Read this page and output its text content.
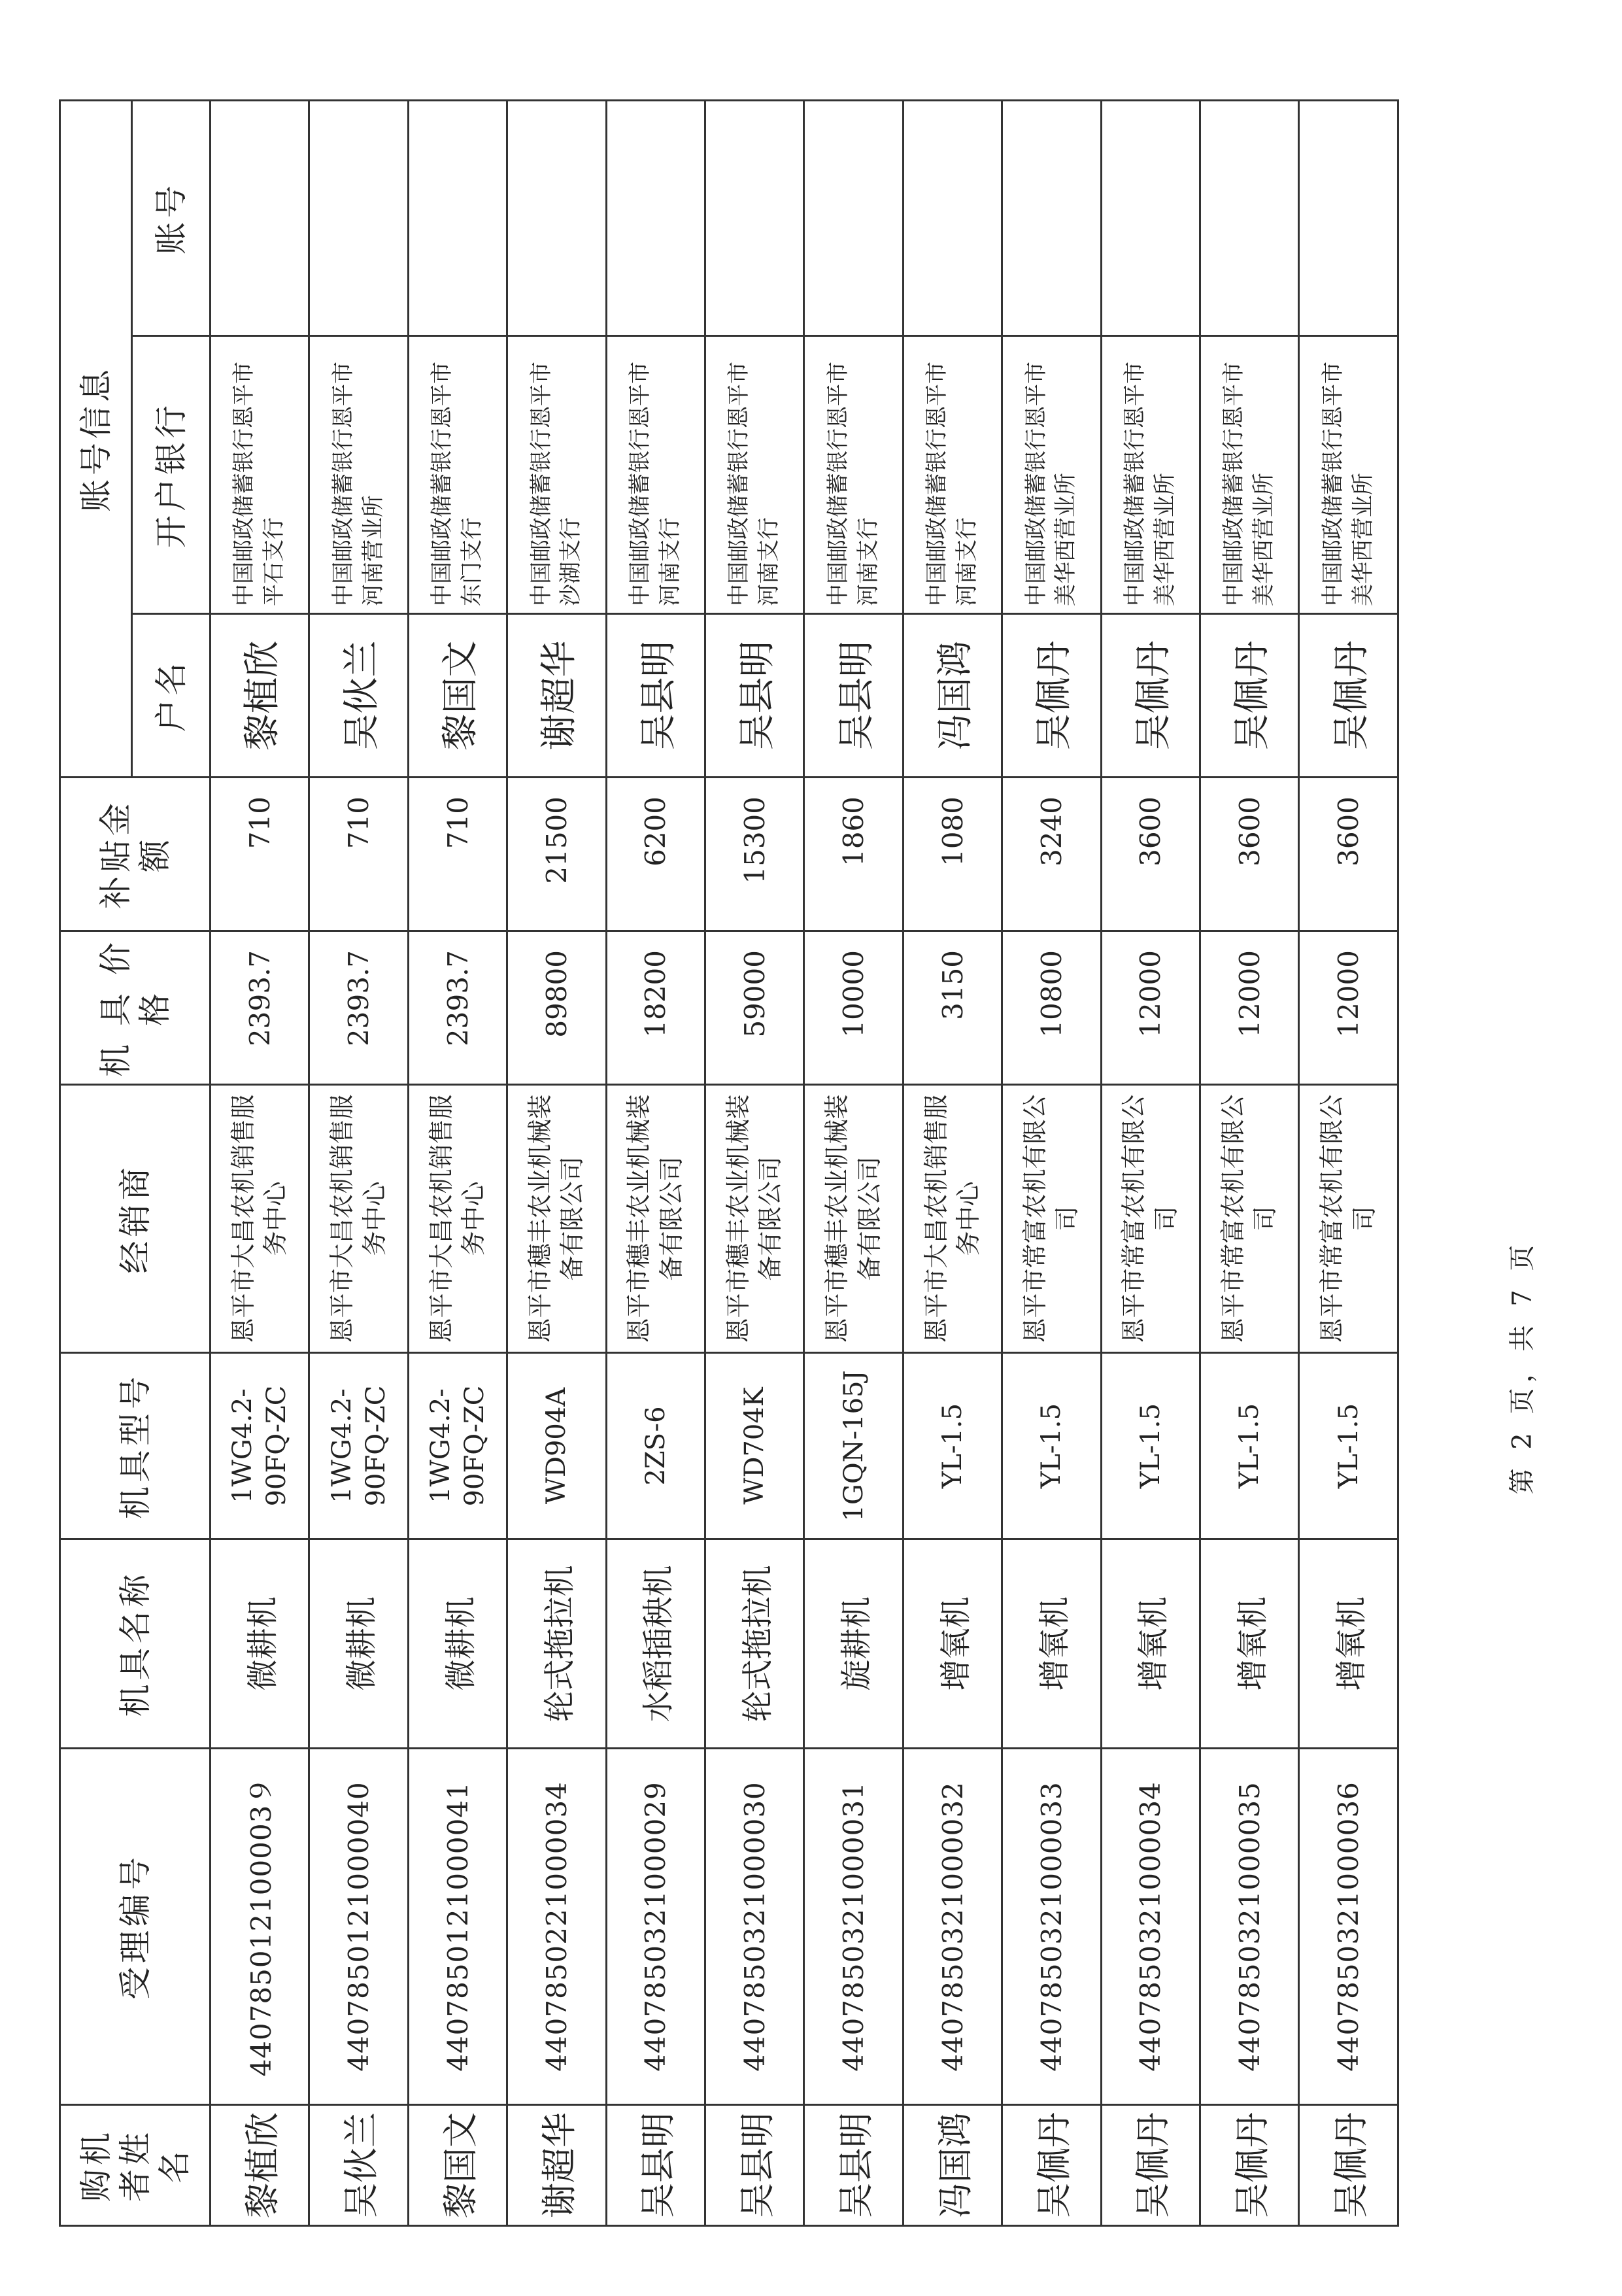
购机者姓 名	受理编号	机具名称	机具型号	经销商	机 具 价 格	补贴金额	账号信息		
							户名	开户银行	账号
黎植欣	440785012100003９	微耕机	1WG4.2-90FQ-ZC	恩平市大昌农机销售服务中心	2393.7	710	黎植欣	中国邮政储蓄银行恩平市平石支行	
吴伙兰	4407850121000040	微耕机	1WG4.2-90FQ-ZC	恩平市大昌农机销售服务中心	2393.7	710	吴伙兰	中国邮政储蓄银行恩平市河南营业所	
黎国文	4407850121000041	微耕机	1WG4.2-90FQ-ZC	恩平市大昌农机销售服务中心	2393.7	710	黎国文	中国邮政储蓄银行恩平市东门支行	
谢超华	4407850221000034	轮式拖拉机	WD904A	恩平市穗丰农业机械装备有限公司	89800	21500	谢超华	中国邮政储蓄银行恩平市沙湖支行	
吴县明	4407850321000029	水稻插秧机	2ZS-6	恩平市穗丰农业机械装备有限公司	18200	6200	吴县明	中国邮政储蓄银行恩平市河南支行	
吴县明	4407850321000030	轮式拖拉机	WD704K	恩平市穗丰农业机械装备有限公司	59000	15300	吴县明	中国邮政储蓄银行恩平市河南支行	
吴县明	4407850321000031	旋耕机	1GQN-165J	恩平市穗丰农业机械装备有限公司	10000	1860	吴县明	中国邮政储蓄银行恩平市河南支行	
冯国鸿	4407850321000032	增氧机	YL-1.5	恩平市大昌农机销售服务中心	3150	1080	冯国鸿	中国邮政储蓄银行恩平市河南支行	
吴佩丹	4407850321000033	增氧机	YL-1.5	恩平市常富农机有限公司	10800	3240	吴佩丹	中国邮政储蓄银行恩平市美华西营业所	
吴佩丹	4407850321000034	增氧机	YL-1.5	恩平市常富农机有限公司	12000	3600	吴佩丹	中国邮政储蓄银行恩平市美华西营业所	
吴佩丹	4407850321000035	增氧机	YL-1.5	恩平市常富农机有限公司	12000	3600	吴佩丹	中国邮政储蓄银行恩平市美华西营业所	
吴佩丹	4407850321000036	增氧机	YL-1.5	恩平市常富农机有限公司	12000	3600	吴佩丹	中国邮政储蓄银行恩平市美华西营业所	
第 2 页，共 7 页
